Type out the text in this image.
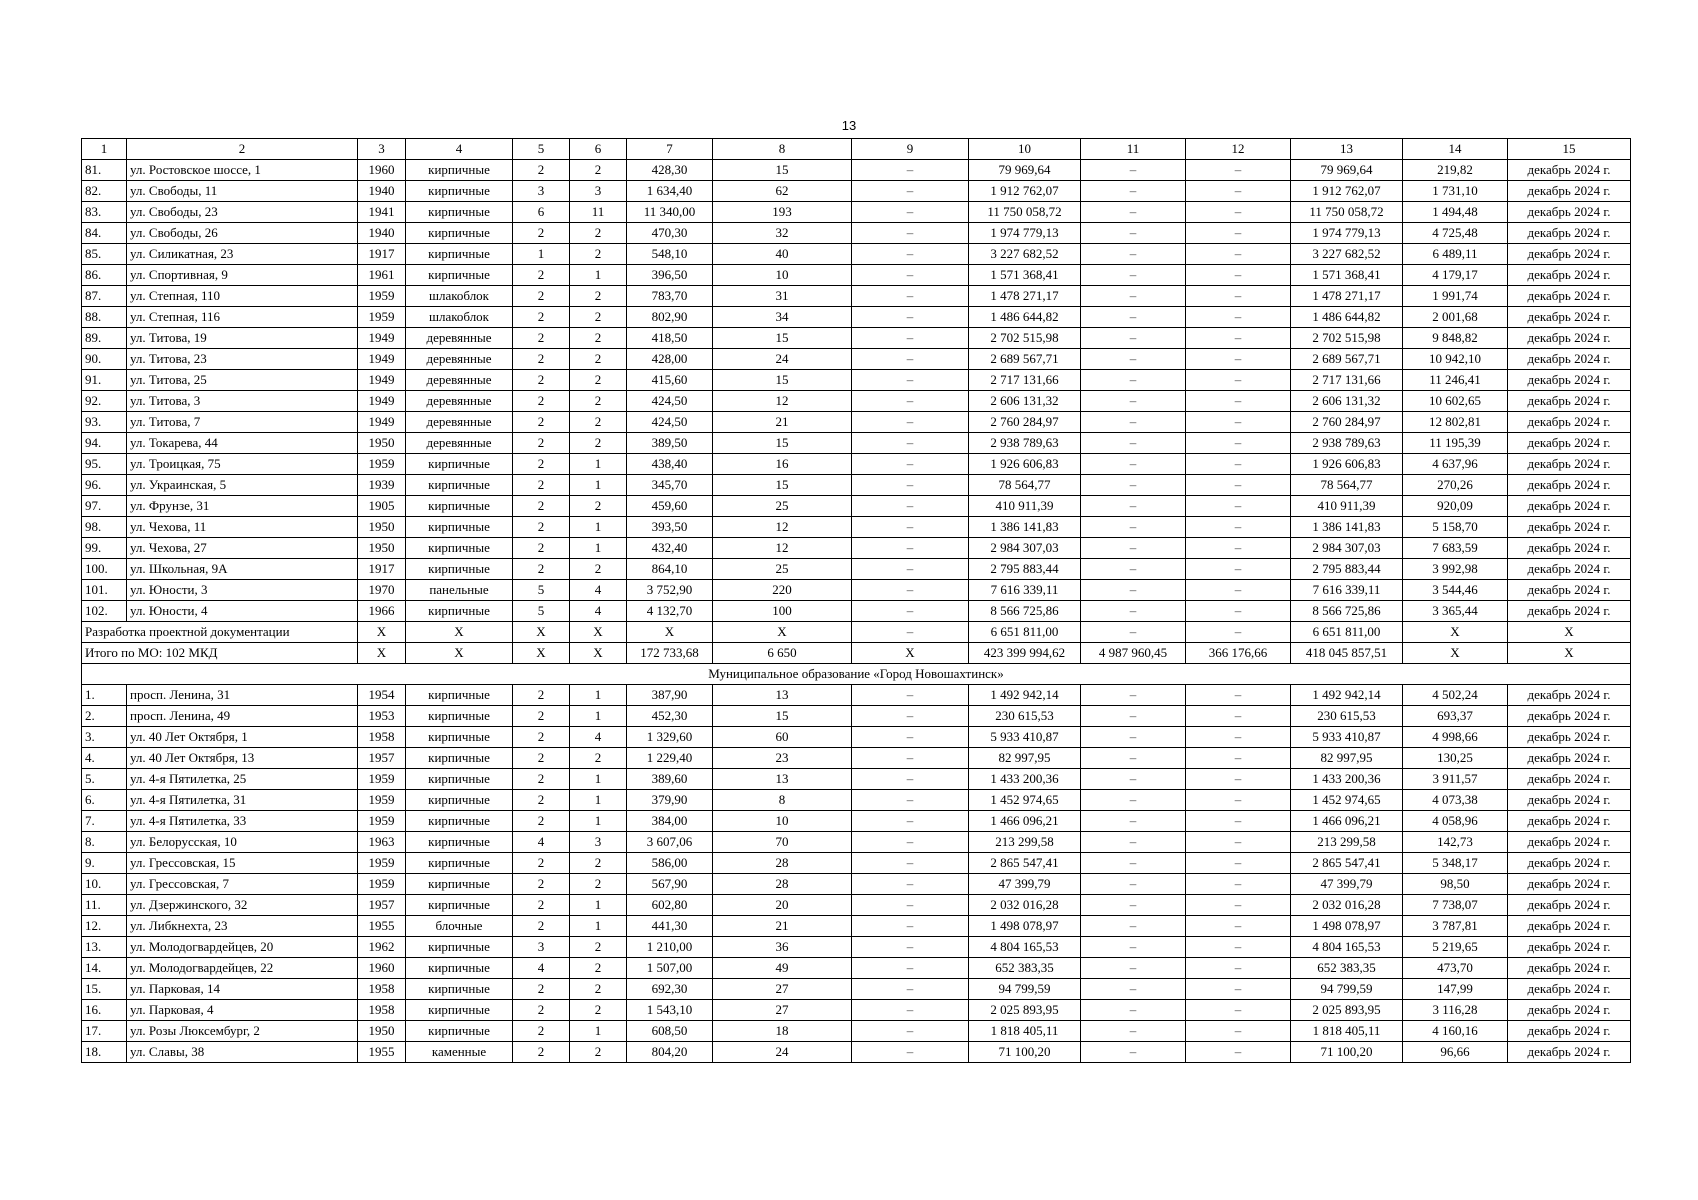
13
1	2	3	4	5	6	7	8	9	10	11	12	13	14	15
81.	ул. Ростовское шоссе, 1	1960	кирпичные	2	2	428,30	15	–	79 969,64	–	–	79 969,64	219,82	декабрь 2024 г.
82.	ул. Свободы, 11	1940	кирпичные	3	3	1 634,40	62	–	1 912 762,07	–	–	1 912 762,07	1 731,10	декабрь 2024 г.
83.	ул. Свободы, 23	1941	кирпичные	6	11	11 340,00	193	–	11 750 058,72	–	–	11 750 058,72	1 494,48	декабрь 2024 г.
84.	ул. Свободы, 26	1940	кирпичные	2	2	470,30	32	–	1 974 779,13	–	–	1 974 779,13	4 725,48	декабрь 2024 г.
85.	ул. Силикатная, 23	1917	кирпичные	1	2	548,10	40	–	3 227 682,52	–	–	3 227 682,52	6 489,11	декабрь 2024 г.
86.	ул. Спортивная, 9	1961	кирпичные	2	1	396,50	10	–	1 571 368,41	–	–	1 571 368,41	4 179,17	декабрь 2024 г.
87.	ул. Степная, 110	1959	шлакоблок	2	2	783,70	31	–	1 478 271,17	–	–	1 478 271,17	1 991,74	декабрь 2024 г.
88.	ул. Степная, 116	1959	шлакоблок	2	2	802,90	34	–	1 486 644,82	–	–	1 486 644,82	2 001,68	декабрь 2024 г.
89.	ул. Титова, 19	1949	деревянные	2	2	418,50	15	–	2 702 515,98	–	–	2 702 515,98	9 848,82	декабрь 2024 г.
90.	ул. Титова, 23	1949	деревянные	2	2	428,00	24	–	2 689 567,71	–	–	2 689 567,71	10 942,10	декабрь 2024 г.
91.	ул. Титова, 25	1949	деревянные	2	2	415,60	15	–	2 717 131,66	–	–	2 717 131,66	11 246,41	декабрь 2024 г.
92.	ул. Титова, 3	1949	деревянные	2	2	424,50	12	–	2 606 131,32	–	–	2 606 131,32	10 602,65	декабрь 2024 г.
93.	ул. Титова, 7	1949	деревянные	2	2	424,50	21	–	2 760 284,97	–	–	2 760 284,97	12 802,81	декабрь 2024 г.
94.	ул. Токарева, 44	1950	деревянные	2	2	389,50	15	–	2 938 789,63	–	–	2 938 789,63	11 195,39	декабрь 2024 г.
95.	ул. Троицкая, 75	1959	кирпичные	2	1	438,40	16	–	1 926 606,83	–	–	1 926 606,83	4 637,96	декабрь 2024 г.
96.	ул. Украинская, 5	1939	кирпичные	2	1	345,70	15	–	78 564,77	–	–	78 564,77	270,26	декабрь 2024 г.
97.	ул. Фрунзе, 31	1905	кирпичные	2	2	459,60	25	–	410 911,39	–	–	410 911,39	920,09	декабрь 2024 г.
98.	ул. Чехова, 11	1950	кирпичные	2	1	393,50	12	–	1 386 141,83	–	–	1 386 141,83	5 158,70	декабрь 2024 г.
99.	ул. Чехова, 27	1950	кирпичные	2	1	432,40	12	–	2 984 307,03	–	–	2 984 307,03	7 683,59	декабрь 2024 г.
100.	ул. Школьная, 9А	1917	кирпичные	2	2	864,10	25	–	2 795 883,44	–	–	2 795 883,44	3 992,98	декабрь 2024 г.
101.	ул. Юности, 3	1970	панельные	5	4	3 752,90	220	–	7 616 339,11	–	–	7 616 339,11	3 544,46	декабрь 2024 г.
102.	ул. Юности, 4	1966	кирпичные	5	4	4 132,70	100	–	8 566 725,86	–	–	8 566 725,86	3 365,44	декабрь 2024 г.
Разработка проектной документации		Х	Х	Х	Х	Х	Х	–	6 651 811,00	–	–	6 651 811,00	Х	Х
Итого по МО: 102 МКД		Х	Х	Х	Х	172 733,68	6 650	Х	423 399 994,62	4 987 960,45	366 176,66	418 045 857,51	Х	Х
Муниципальное образование «Город Новошахтинск»														
1.	просп. Ленина, 31	1954	кирпичные	2	1	387,90	13	–	1 492 942,14	–	–	1 492 942,14	4 502,24	декабрь 2024 г.
2.	просп. Ленина, 49	1953	кирпичные	2	1	452,30	15	–	230 615,53	–	–	230 615,53	693,37	декабрь 2024 г.
3.	ул. 40 Лет Октября, 1	1958	кирпичные	2	4	1 329,60	60	–	5 933 410,87	–	–	5 933 410,87	4 998,66	декабрь 2024 г.
4.	ул. 40 Лет Октября, 13	1957	кирпичные	2	2	1 229,40	23	–	82 997,95	–	–	82 997,95	130,25	декабрь 2024 г.
5.	ул. 4-я Пятилетка, 25	1959	кирпичные	2	1	389,60	13	–	1 433 200,36	–	–	1 433 200,36	3 911,57	декабрь 2024 г.
6.	ул. 4-я Пятилетка, 31	1959	кирпичные	2	1	379,90	8	–	1 452 974,65	–	–	1 452 974,65	4 073,38	декабрь 2024 г.
7.	ул. 4-я Пятилетка, 33	1959	кирпичные	2	1	384,00	10	–	1 466 096,21	–	–	1 466 096,21	4 058,96	декабрь 2024 г.
8.	ул. Белорусская, 10	1963	кирпичные	4	3	3 607,06	70	–	213 299,58	–	–	213 299,58	142,73	декабрь 2024 г.
9.	ул. Грессовская, 15	1959	кирпичные	2	2	586,00	28	–	2 865 547,41	–	–	2 865 547,41	5 348,17	декабрь 2024 г.
10.	ул. Грессовская, 7	1959	кирпичные	2	2	567,90	28	–	47 399,79	–	–	47 399,79	98,50	декабрь 2024 г.
11.	ул. Дзержинского, 32	1957	кирпичные	2	1	602,80	20	–	2 032 016,28	–	–	2 032 016,28	7 738,07	декабрь 2024 г.
12.	ул. Либкнехта, 23	1955	блочные	2	1	441,30	21	–	1 498 078,97	–	–	1 498 078,97	3 787,81	декабрь 2024 г.
13.	ул. Молодогвардейцев, 20	1962	кирпичные	3	2	1 210,00	36	–	4 804 165,53	–	–	4 804 165,53	5 219,65	декабрь 2024 г.
14.	ул. Молодогвардейцев, 22	1960	кирпичные	4	2	1 507,00	49	–	652 383,35	–	–	652 383,35	473,70	декабрь 2024 г.
15.	ул. Парковая, 14	1958	кирпичные	2	2	692,30	27	–	94 799,59	–	–	94 799,59	147,99	декабрь 2024 г.
16.	ул. Парковая, 4	1958	кирпичные	2	2	1 543,10	27	–	2 025 893,95	–	–	2 025 893,95	3 116,28	декабрь 2024 г.
17.	ул. Розы Люксембург, 2	1950	кирпичные	2	1	608,50	18	–	1 818 405,11	–	–	1 818 405,11	4 160,16	декабрь 2024 г.
18.	ул. Славы, 38	1955	каменные	2	2	804,20	24	–	71 100,20	–	–	71 100,20	96,66	декабрь 2024 г.
